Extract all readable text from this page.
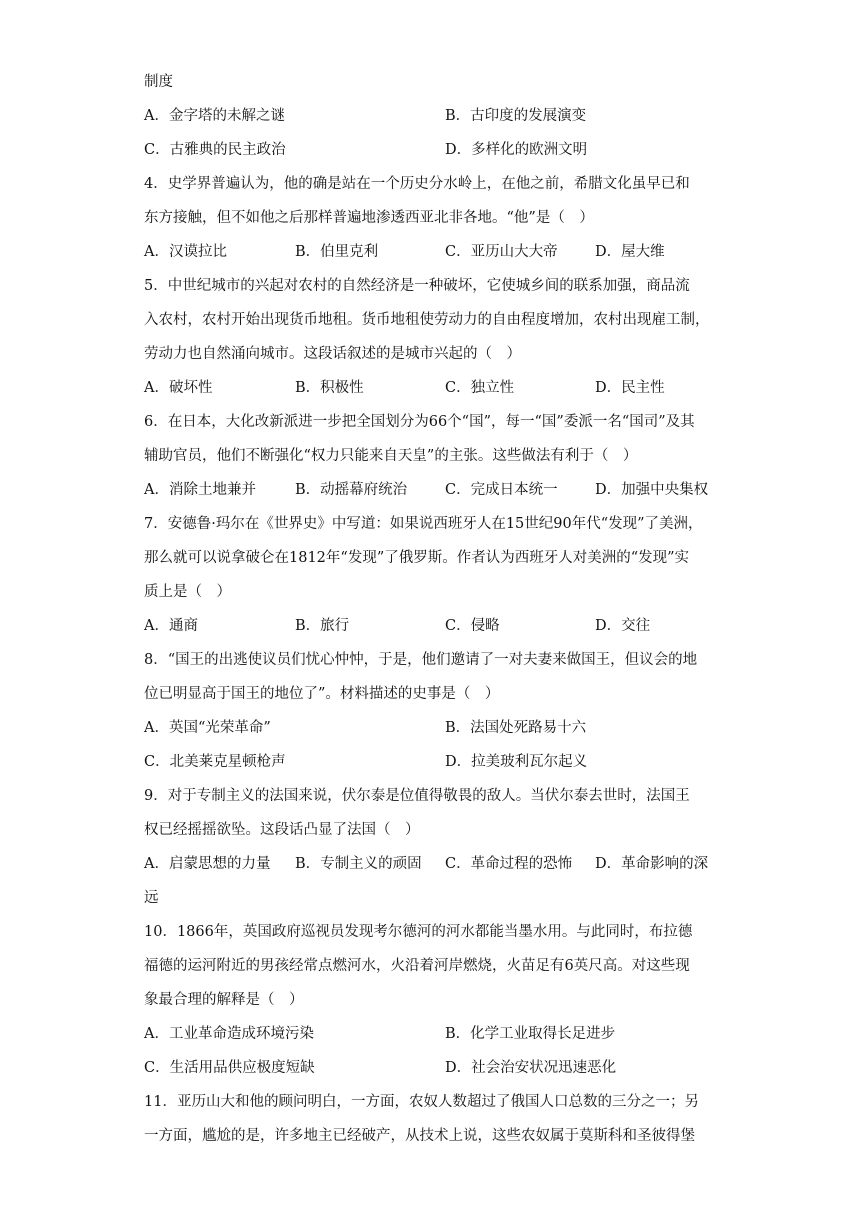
制度
A．金字塔的未解之谜	B．古印度的发展演变
C．古雅典的民主政治	D．多样化的欧洲文明
4．史学界普遍认为，他的确是站在一个历史分水岭上，在他之前，希腊文化虽早已和
东方接触，但不如他之后那样普遍地渗透西亚北非各地。“他”是（　）
A．汉谟拉比	B．伯里克利	C．亚历山大大帝	D．屋大维
5．中世纪城市的兴起对农村的自然经济是一种破坏，它使城乡间的联系加强，商品流
入农村，农村开始出现货币地租。货币地租使劳动力的自由程度增加，农村出现雇工制，
劳动力也自然涌向城市。这段话叙述的是城市兴起的（　）
A．破坏性	B．积极性	C．独立性	D．民主性
6．在日本，大化改新派进一步把全国划分为66个“国”，每一“国”委派一名“国司”及其
辅助官员，他们不断强化“权力只能来自天皇”的主张。这些做法有利于（　）
A．消除土地兼并	B．动摇幕府统治	C．完成日本统一	D．加强中央集权
7．安德鲁·玛尔在《世界史》中写道：如果说西班牙人在15世纪90年代“发现”了美洲，
那么就可以说拿破仑在1812年“发现”了俄罗斯。作者认为西班牙人对美洲的“发现”实
质上是（　）
A．通商	B．旅行	C．侵略	D．交往
8．“国王的出逃使议员们忧心忡忡，于是，他们邀请了一对夫妻来做国王，但议会的地
位已明显高于国王的地位了”。材料描述的史事是（　）
A．英国“光荣革命”	B．法国处死路易十六
C．北美莱克星顿枪声	D．拉美玻利瓦尔起义
9．对于专制主义的法国来说，伏尔泰是位值得敬畏的敌人。当伏尔泰去世时，法国王
权已经摇摇欲坠。这段话凸显了法国（　）
A．启蒙思想的力量 B．专制主义的顽固 C．革命过程的恐怖 D．革命影响的深
远
10．1866年，英国政府巡视员发现考尔德河的河水都能当墨水用。与此同时，布拉德
福德的运河附近的男孩经常点燃河水，火沿着河岸燃烧，火苗足有6英尺高。对这些现
象最合理的解释是（　）
A．工业革命造成环境污染	B．化学工业取得长足进步
C．生活用品供应极度短缺	D．社会治安状况迅速恶化
11．亚历山大和他的顾问明白，一方面，农奴人数超过了俄国人口总数的三分之一；另
一方面，尴尬的是，许多地主已经破产，从技术上说，这些农奴属于莫斯科和圣彼得堡
